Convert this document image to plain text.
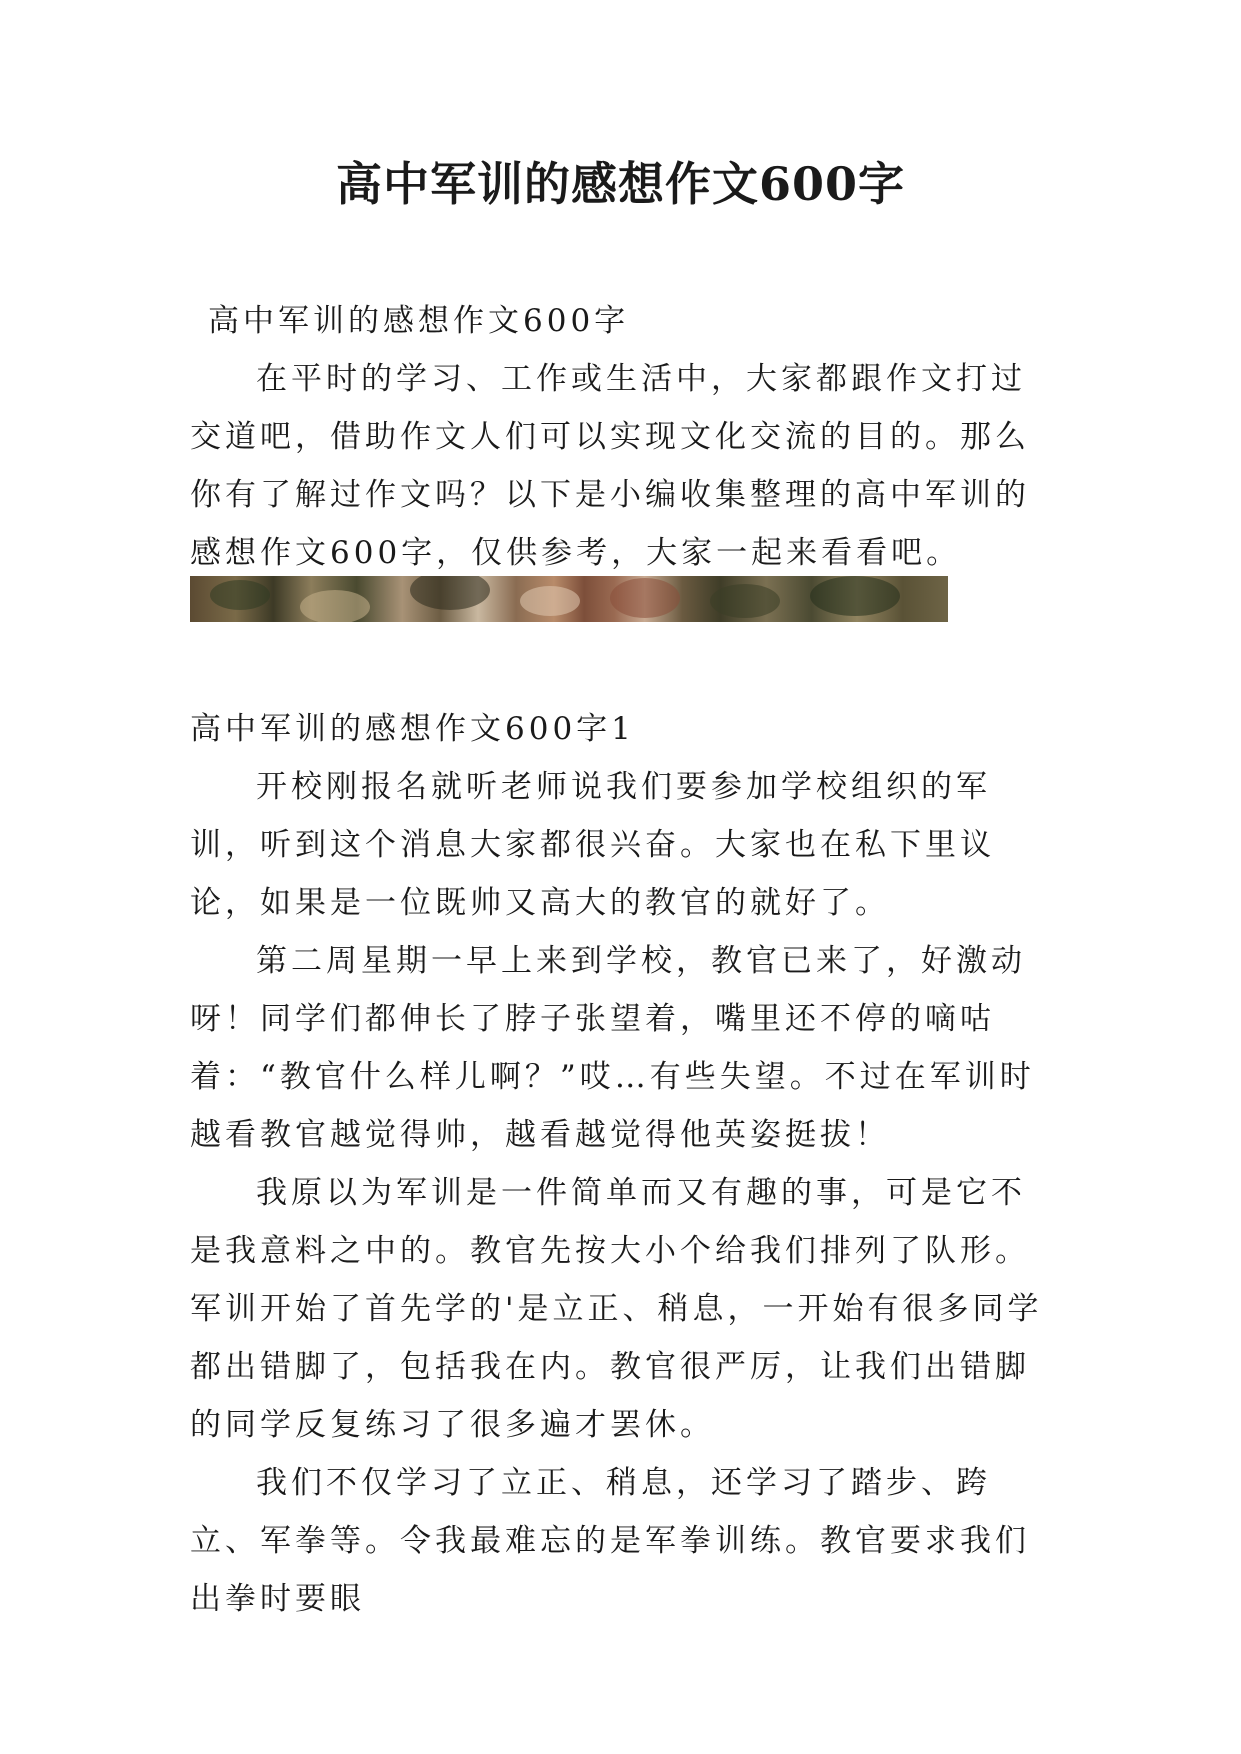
高中军训的感想作文600字

高中军训的感想作文600字

在平时的学习、工作或生活中，大家都跟作文打过交道吧，借助作文人们可以实现文化交流的目的。那么你有了解过作文吗？以下是小编收集整理的高中军训的感想作文600字，仅供参考，大家一起来看看吧。

高中军训的感想作文600字1

开校刚报名就听老师说我们要参加学校组织的军训，听到这个消息大家都很兴奋。大家也在私下里议论，如果是一位既帅又高大的教官的就好了。

第二周星期一早上来到学校，教官已来了，好激动呀！同学们都伸长了脖子张望着，嘴里还不停的嘀咕着：“教官什么样儿啊？”哎…有些失望。不过在军训时越看教官越觉得帅，越看越觉得他英姿挺拔！

我原以为军训是一件简单而又有趣的事，可是它不是我意料之中的。教官先按大小个给我们排列了队形。军训开始了首先学的'是立正、稍息，一开始有很多同学都出错脚了，包括我在内。教官很严厉，让我们出错脚的同学反复练习了很多遍才罢休。

我们不仅学习了立正、稍息，还学习了踏步、跨立、军拳等。令我最难忘的是军拳训练。教官要求我们出拳时要眼
